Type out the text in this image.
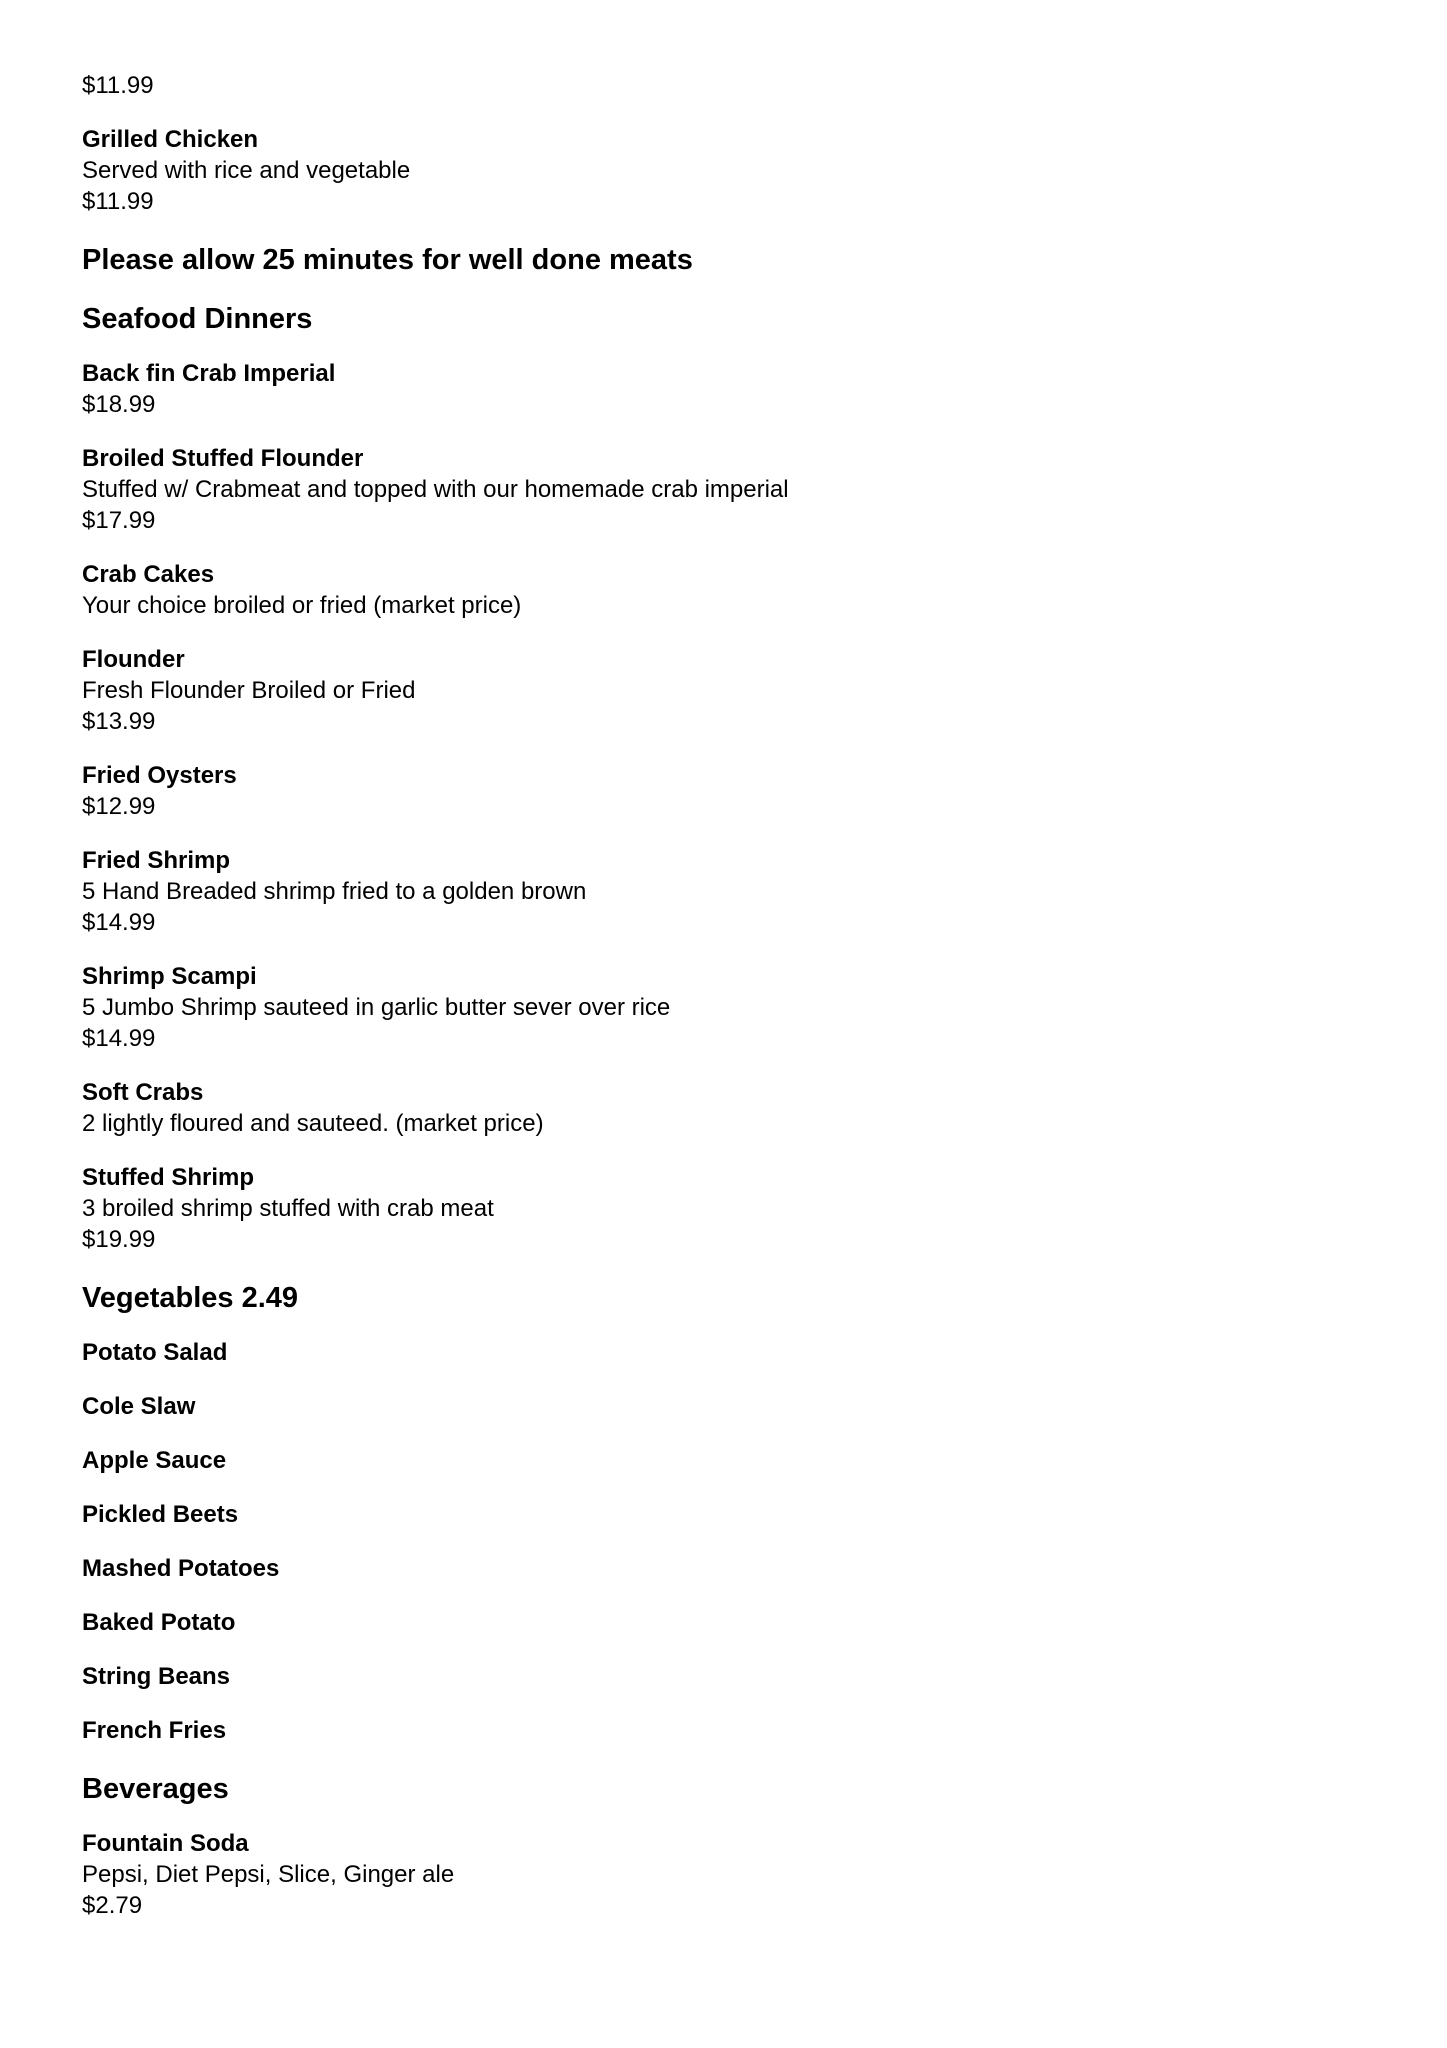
$11.99

Grilled Chicken

Served with rice and vegetable

$11.99

Please allow 25 minutes for well done meats
Seafood Dinners

Back fin Crab Imperial

$18.99

Broiled Stuffed Flounder

Stuffed w/ Crabmeat and topped with our homemade crab imperial

$17.99

Crab Cakes

Your choice broiled or fried (market price)

Flounder

Fresh Flounder Broiled or Fried

$13.99

Fried Oysters

$12.99

Fried Shrimp

5 Hand Breaded shrimp fried to a golden brown

$14.99

Shrimp Scampi

5 Jumbo Shrimp sauteed in garlic butter sever over rice

$14.99

Soft Crabs

2 lightly floured and sauteed. (market price)

Stuffed Shrimp

3 broiled shrimp stuffed with crab meat

$19.99

Vegetables 2.49

Potato Salad

Cole Slaw

Apple Sauce

Pickled Beets

Mashed Potatoes

Baked Potato

String Beans

French Fries

Beverages

Fountain Soda

Pepsi, Diet Pepsi, Slice, Ginger ale

$2.79
